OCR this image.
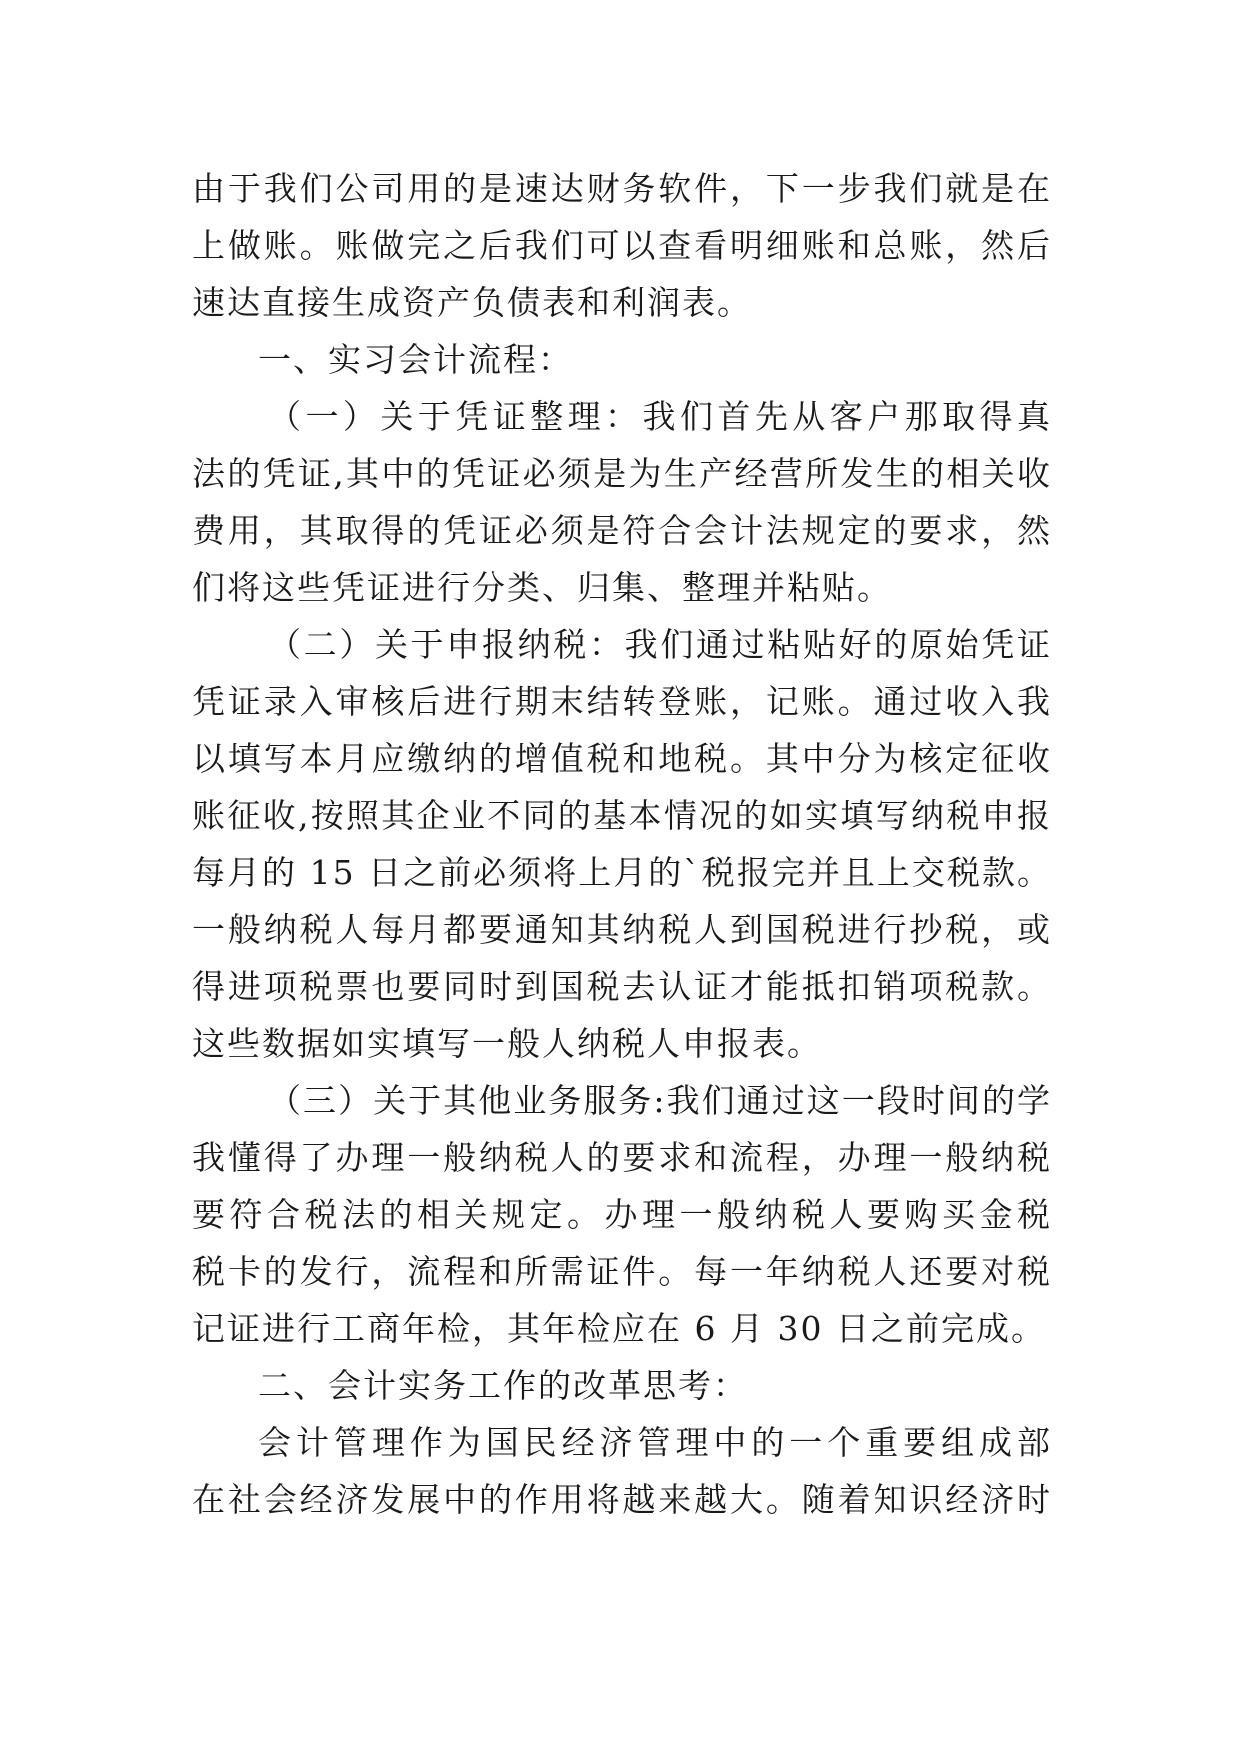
由于我们公司用的是速达财务软件，下一步我们就是在
上做账。账做完之后我们可以查看明细账和总账，然后
速达直接生成资产负债表和利润表。
一、实习会计流程：
（一）关于凭证整理：我们首先从客户那取得真
法的凭证,其中的凭证必须是为生产经营所发生的相关收
费用，其取得的凭证必须是符合会计法规定的要求，然
们将这些凭证进行分类、归集、整理并粘贴。
（二）关于申报纳税：我们通过粘贴好的原始凭证
凭证录入审核后进行期末结转登账，记账。通过收入我
以填写本月应缴纳的增值税和地税。其中分为核定征收
账征收,按照其企业不同的基本情况的如实填写纳税申报
每月的 15 日之前必须将上月的`税报完并且上交税款。
一般纳税人每月都要通知其纳税人到国税进行抄税，或
得进项税票也要同时到国税去认证才能抵扣销项税款。
这些数据如实填写一般人纳税人申报表。
（三）关于其他业务服务:我们通过这一段时间的学
我懂得了办理一般纳税人的要求和流程，办理一般纳税
要符合税法的相关规定。办理一般纳税人要购买金税
税卡的发行，流程和所需证件。每一年纳税人还要对税
记证进行工商年检，其年检应在 6 月 30 日之前完成。
二、会计实务工作的改革思考：
会计管理作为国民经济管理中的一个重要组成部
在社会经济发展中的作用将越来越大。随着知识经济时
